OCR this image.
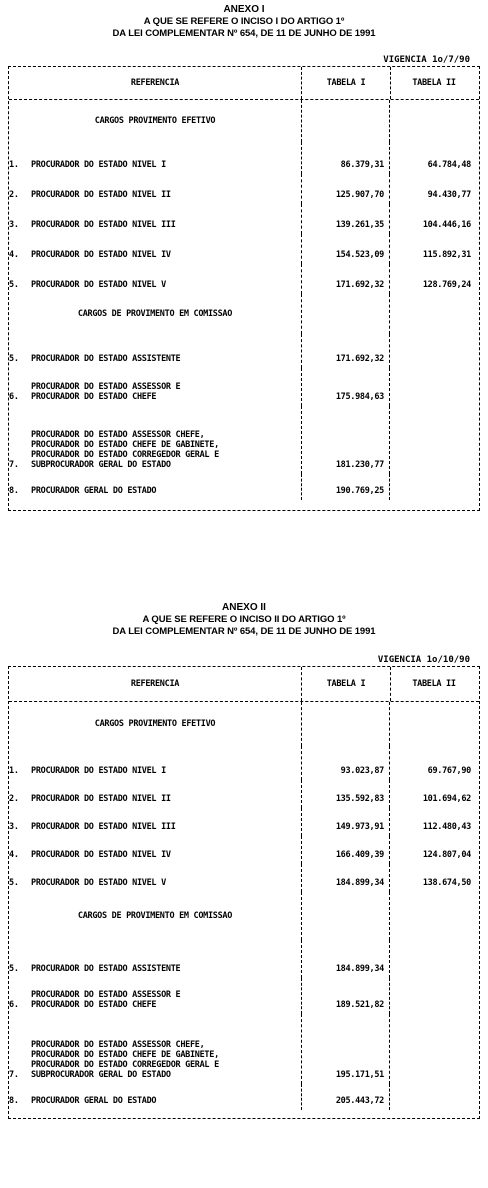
ANEXO I
A QUE SE REFERE O INCISO I DO ARTIGO 1º
DA LEI COMPLEMENTAR Nº 654, DE 11 DE JUNHO DE 1991
VIGENCIA 1o/7/90
REFERENCIA	TABELA I	TABELA II
CARGOS PROVIMENTO EFETIVO
1.	PROCURADOR DO ESTADO NIVEL I	86.379,31	64.784,48
2.	PROCURADOR DO ESTADO NIVEL II	125.907,70	94.430,77
3.	PROCURADOR DO ESTADO NIVEL III	139.261,35	104.446,16
4.	PROCURADOR DO ESTADO NIVEL IV	154.523,09	115.892,31
5.	PROCURADOR DO ESTADO NIVEL V	171.692,32	128.769,24
CARGOS DE PROVIMENTO EM COMISSAO
5.	PROCURADOR DO ESTADO ASSISTENTE	171.692,32
6.
PROCURADOR DO ESTADO ASSESSOR E
PROCURADOR DO ESTADO CHEFE	175.984,63
7.
PROCURADOR DO ESTADO ASSESSOR CHEFE,
PROCURADOR DO ESTADO CHEFE DE GABINETE,
PROCURADOR DO ESTADO CORREGEDOR GERAL E
SUBPROCURADOR GERAL DO ESTADO	181.230,77
8.	PROCURADOR GERAL DO ESTADO	190.769,25
ANEXO II
A QUE SE REFERE O INCISO II DO ARTIGO 1º
DA LEI COMPLEMENTAR Nº 654, DE 11 DE JUNHO DE 1991
VIGENCIA 1o/10/90
REFERENCIA	TABELA I	TABELA II
CARGOS PROVIMENTO EFETIVO
1.	PROCURADOR DO ESTADO NIVEL I	93.023,87	69.767,90
2.	PROCURADOR DO ESTADO NIVEL II	135.592,83	101.694,62
3.	PROCURADOR DO ESTADO NIVEL III	149.973,91	112.480,43
4.	PROCURADOR DO ESTADO NIVEL IV	166.409,39	124.807,04
5.	PROCURADOR DO ESTADO NIVEL V	184.899,34	138.674,50
CARGOS DE PROVIMENTO EM COMISSAO
5.	PROCURADOR DO ESTADO ASSISTENTE	184.899,34
6.
PROCURADOR DO ESTADO ASSESSOR E
PROCURADOR DO ESTADO CHEFE	189.521,82
7.
PROCURADOR DO ESTADO ASSESSOR CHEFE,
PROCURADOR DO ESTADO CHEFE DE GABINETE,
PROCURADOR DO ESTADO CORREGEDOR GERAL E
SUBPROCURADOR GERAL DO ESTADO	195.171,51
8.	PROCURADOR GERAL DO ESTADO	205.443,72
